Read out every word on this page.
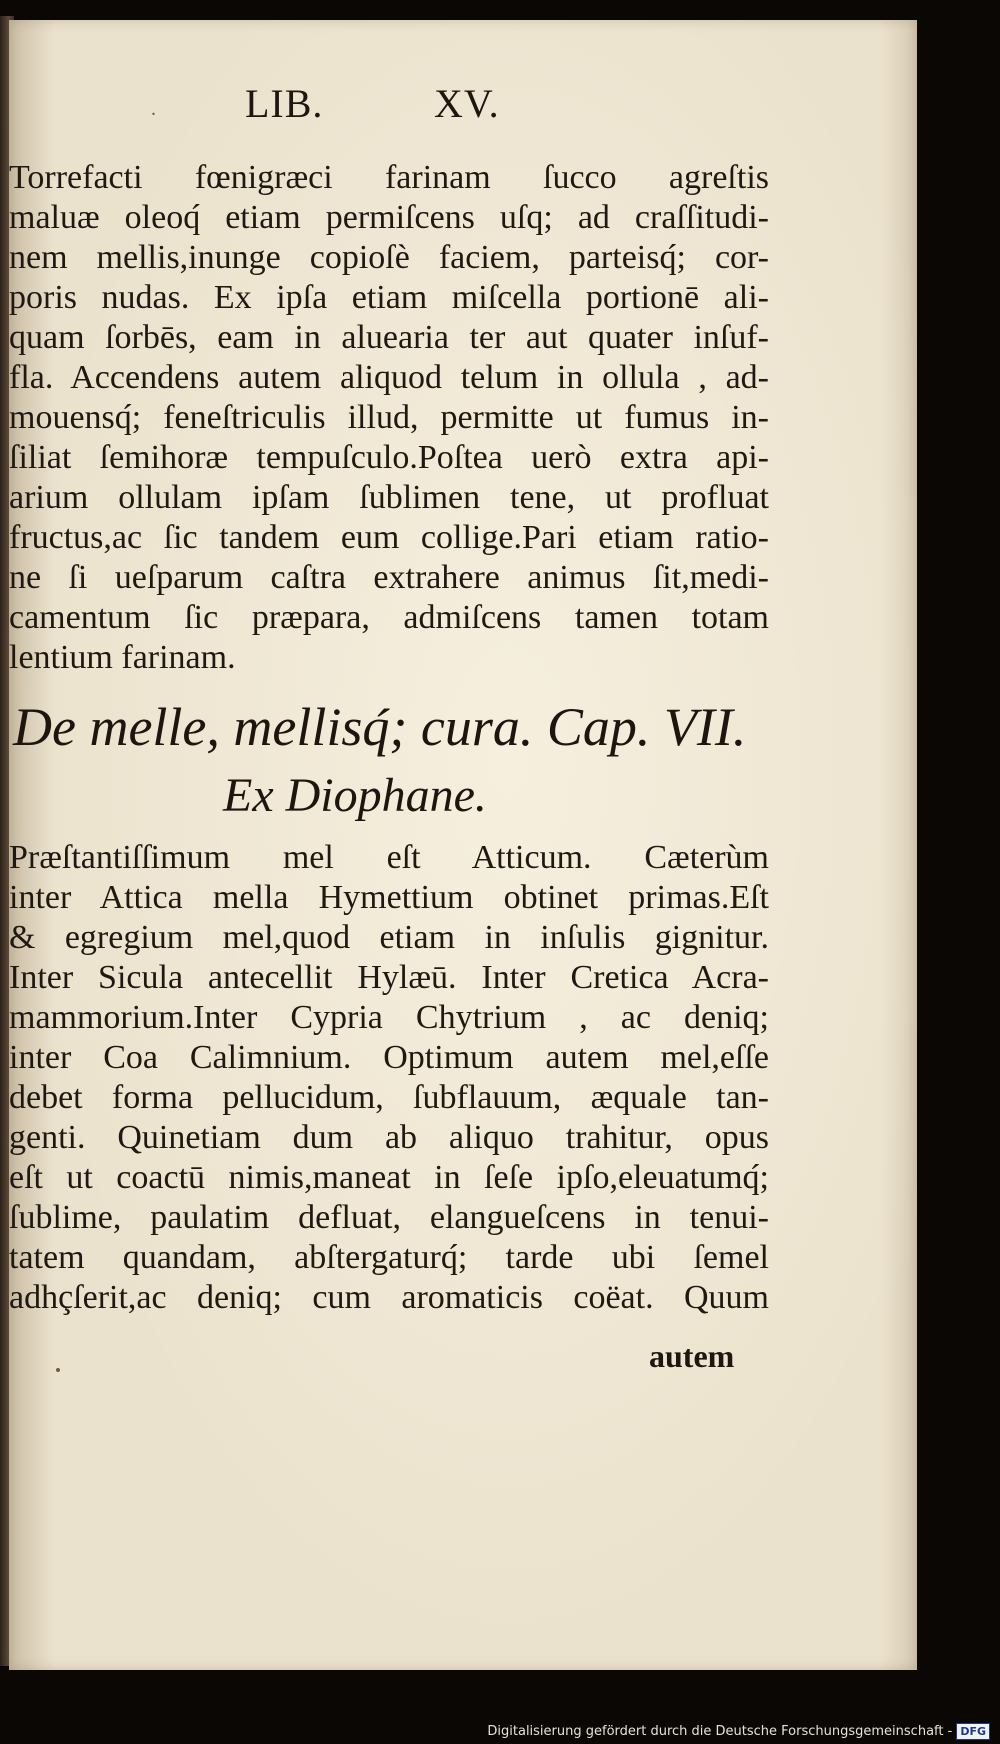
. LIB.	XV.

Torrefacti fœnigræci farinam ſucco agreſtis
maluæ oleoq́ etiam permiſcens uſq; ad craſſitudi-
nem mellis,inunge copioſè faciem, parteisq́; cor-
poris nudas. Ex ipſa etiam miſcella portionē ali-
quam ſorbēs, eam in aluearia ter aut quater inſuf-
fla. Accendens autem aliquod telum in ollula , ad-
mouensq́; feneſtriculis illud, permitte ut fumus in-
ſiliat ſemihoræ tempuſculo.Poſtea uerò extra api-
arium ollulam ipſam ſublimen tene, ut profluat
fructus,ac ſic tandem eum collige.Pari etiam ratio-
ne ſi ueſparum caſtra extrahere animus ſit,medi-
camentum ſic præpara, admiſcens tamen totam
lentium farinam.

De melle, mellisq́; cura. Cap. VII.
Ex Diophane.

Præſtantiſſimum mel eſt Atticum. Cæterùm
inter Attica mella Hymettium obtinet primas.Eſt
& egregium mel,quod etiam in inſulis gignitur.
Inter Sicula antecellit Hylæū. Inter Cretica Acra-
mammorium.Inter Cypria Chytrium , ac deniq;
inter Coa Calimnium. Optimum autem mel,eſſe
debet forma pellucidum, ſubflauum, æquale tan-
genti. Quinetiam dum ab aliquo trahitur, opus
eſt ut coactū nimis,maneat in ſeſe ipſo,eleuatumq́;
ſublime, paulatim defluat, elangueſcens in tenui-
tatem quandam, abſtergaturq́; tarde ubi ſemel
adhçſerit,ac deniq; cum aromaticis coëat. Quum

autem
Digitalisierung gefördert durch die Deutsche Forschungsgemeinschaft - DFG
